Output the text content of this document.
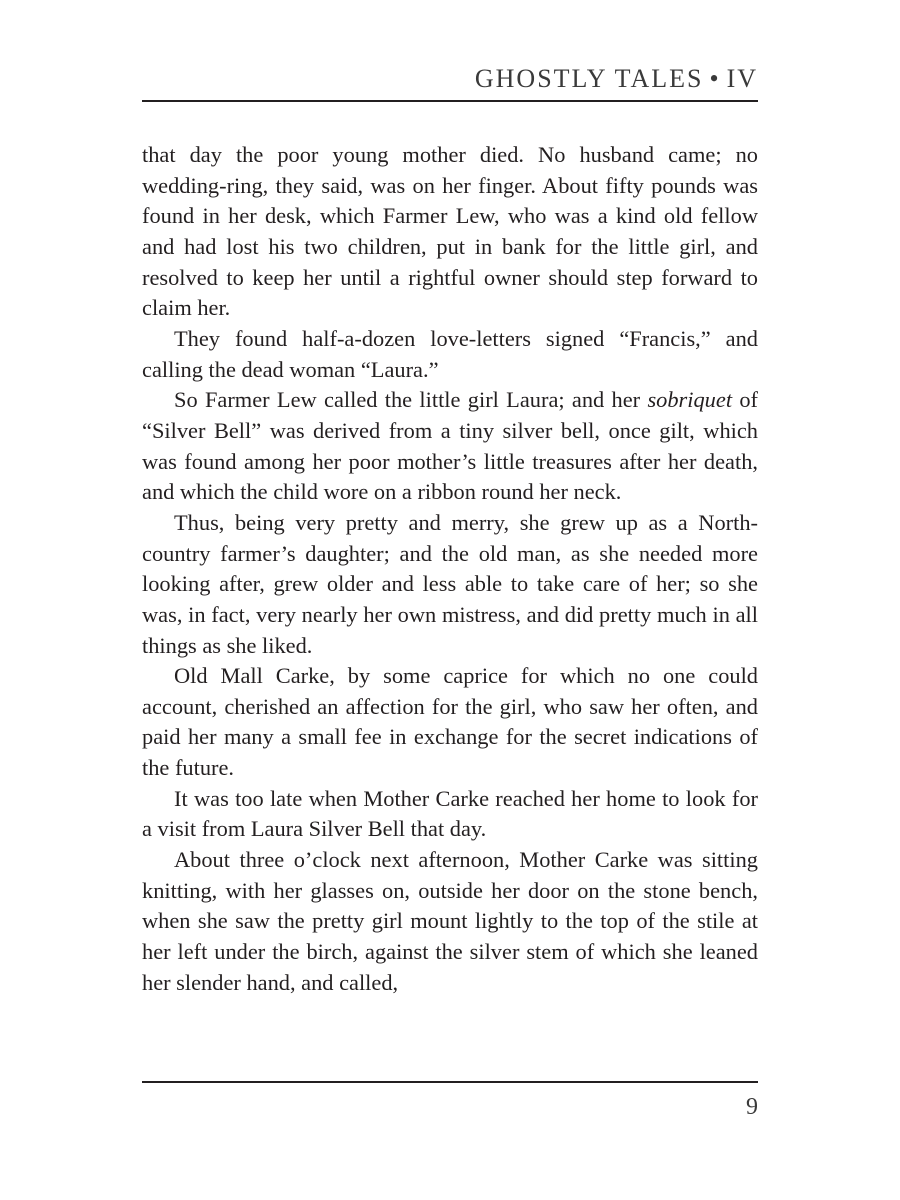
GHOSTLY TALES • IV

that day the poor young mother died. No husband came; no wedding-ring, they said, was on her finger. About fifty pounds was found in her desk, which Farmer Lew, who was a kind old fellow and had lost his two children, put in bank for the little girl, and resolved to keep her until a rightful owner should step forward to claim her.

They found half-a-dozen love-letters signed “Francis,” and calling the dead woman “Laura.”

So Farmer Lew called the little girl Laura; and her sobriquet of “Silver Bell” was derived from a tiny silver bell, once gilt, which was found among her poor mother’s little treasures after her death, and which the child wore on a ribbon round her neck.

Thus, being very pretty and merry, she grew up as a North-country farmer’s daughter; and the old man, as she needed more looking after, grew older and less able to take care of her; so she was, in fact, very nearly her own mistress, and did pretty much in all things as she liked.

Old Mall Carke, by some caprice for which no one could account, cherished an affection for the girl, who saw her often, and paid her many a small fee in exchange for the secret indications of the future.

It was too late when Mother Carke reached her home to look for a visit from Laura Silver Bell that day.

About three o’clock next afternoon, Mother Carke was sitting knitting, with her glasses on, outside her door on the stone bench, when she saw the pretty girl mount lightly to the top of the stile at her left under the birch, against the silver stem of which she leaned her slender hand, and called,

9
